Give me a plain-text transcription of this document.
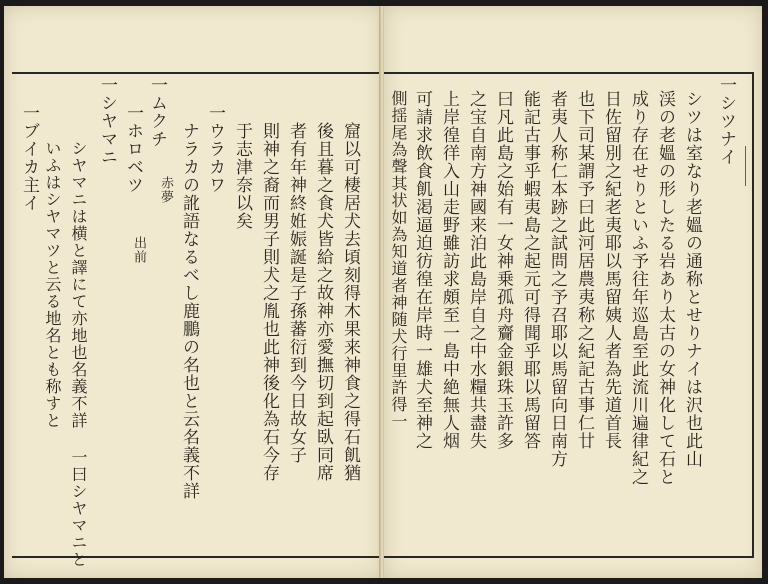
一シツナイ
シツは室なり老媼の通称とせりナイは沢也此山
渓の老媼の形したる岩あり太古の女神化して石と
成り存在せりといふ予往年巡島至此流川遍律紀之
日佐留別之紀老夷耶以馬留姨人者為先道首長
也下司某謂予曰此河居農夷称之紀記古事仁廿
者夷人称仁本跡之試問之予召耶以馬留向日南方
能記古事乎蝦夷島之起元可得聞乎耶以馬留答
曰凡此島之始有一女神乗孤舟齎金銀珠玉許多
之宝自南方神國来泊此島岸自之中水糧共盡失
上岸徨徉入山走野雖訪求頗至一島中絶無人烟
可請求飲食飢渇逼迫彷徨在岸時一雄犬至神之
側揺尾為聲其状如為知道者神随犬行里許得一
窟以可棲居犬去頃刻得木果来神食之得石飢猶
後且暮之食犬皆給之故神亦愛撫切到起臥同席
者有年神終姙娠誕是子孫蕃衍到今日故女子
則神之裔而男子則犬之胤也此神後化為石今存
于志津奈以矣
一ウラカワ
ナラカの訛語なるべし鹿鵬の名也と云名義不詳
赤夢
一ムクチ
一ホロベツ
出前
一シヤマニ
シヤマニは横と譯にて亦地也名義不詳 一曰シヤマニと
いふはシヤマツと云る地名とも称すと
一ブイカ主イ
